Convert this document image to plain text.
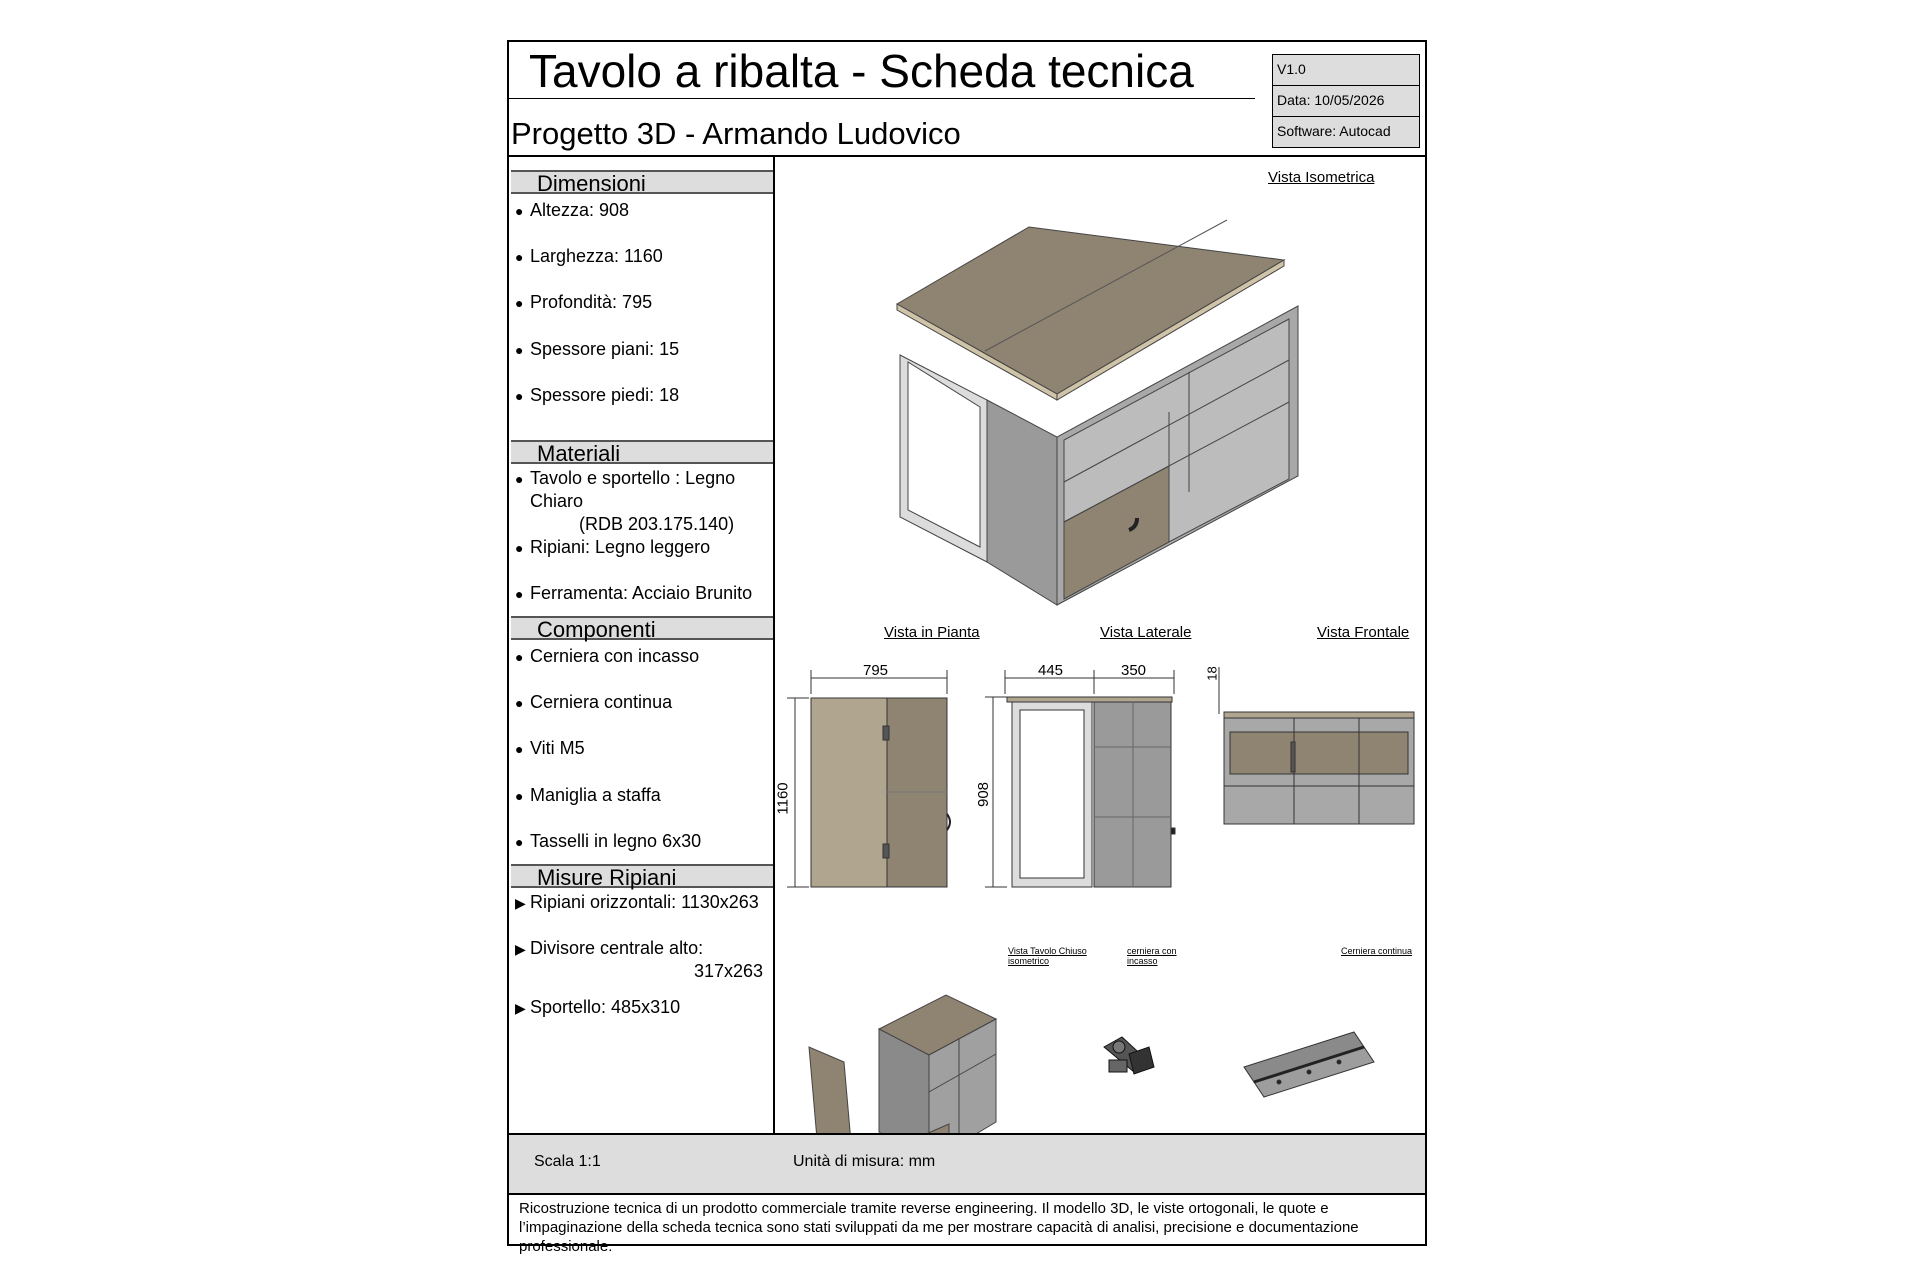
Tavolo a ribalta - Scheda tecnica
Progetto 3D - Armando Ludovico
V1.0
Data: 10/05/2026
Software: Autocad
Dimensioni
● Altezza: 908
● Larghezza: 1160
● Profondità: 795
● Spessore piani: 15
● Spessore piedi: 18
Materiali
● Tavolo e sportello : Legno
Chiaro
(RDB 203.175.140)
● Ripiani: Legno leggero
● Ferramenta: Acciaio Brunito
Componenti
● Cerniera con incasso
● Cerniera continua
● Viti M5
● Maniglia a staffa
● Tasselli in legno 6x30
Misure Ripiani
▶ Ripiani orizzontali: 1130x263
▶ Divisore centrale alto:
317x263
▶ Sportello: 485x310
Vista Isometrica
Vista in Pianta	Vista Laterale	Vista Frontale
Vista Tavolo Chiuso
isometrico
cerniera con
incasso
Cerniera continua
795
1160
445	350
908
18
Scala 1:1	Unità di misura: mm
Ricostruzione tecnica di un prodotto commerciale tramite reverse engineering. Il modello 3D, le viste ortogonali, le quote e l’impaginazione della scheda tecnica sono stati sviluppati da me per mostrare capacità di analisi, precisione e documentazione professionale.
